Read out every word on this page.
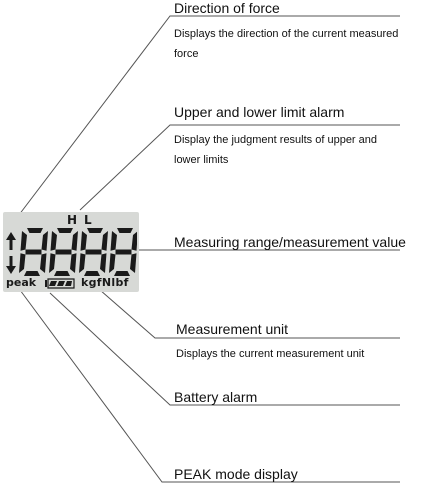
H L
peak	kgfNlbf
Direction of force
Displays the direction of the current measured force
Upper and lower limit alarm
Display the judgment results of upper and lower limits
Measuring range/measurement value
Measurement unit
Displays the current measurement unit
Battery alarm
PEAK mode display
